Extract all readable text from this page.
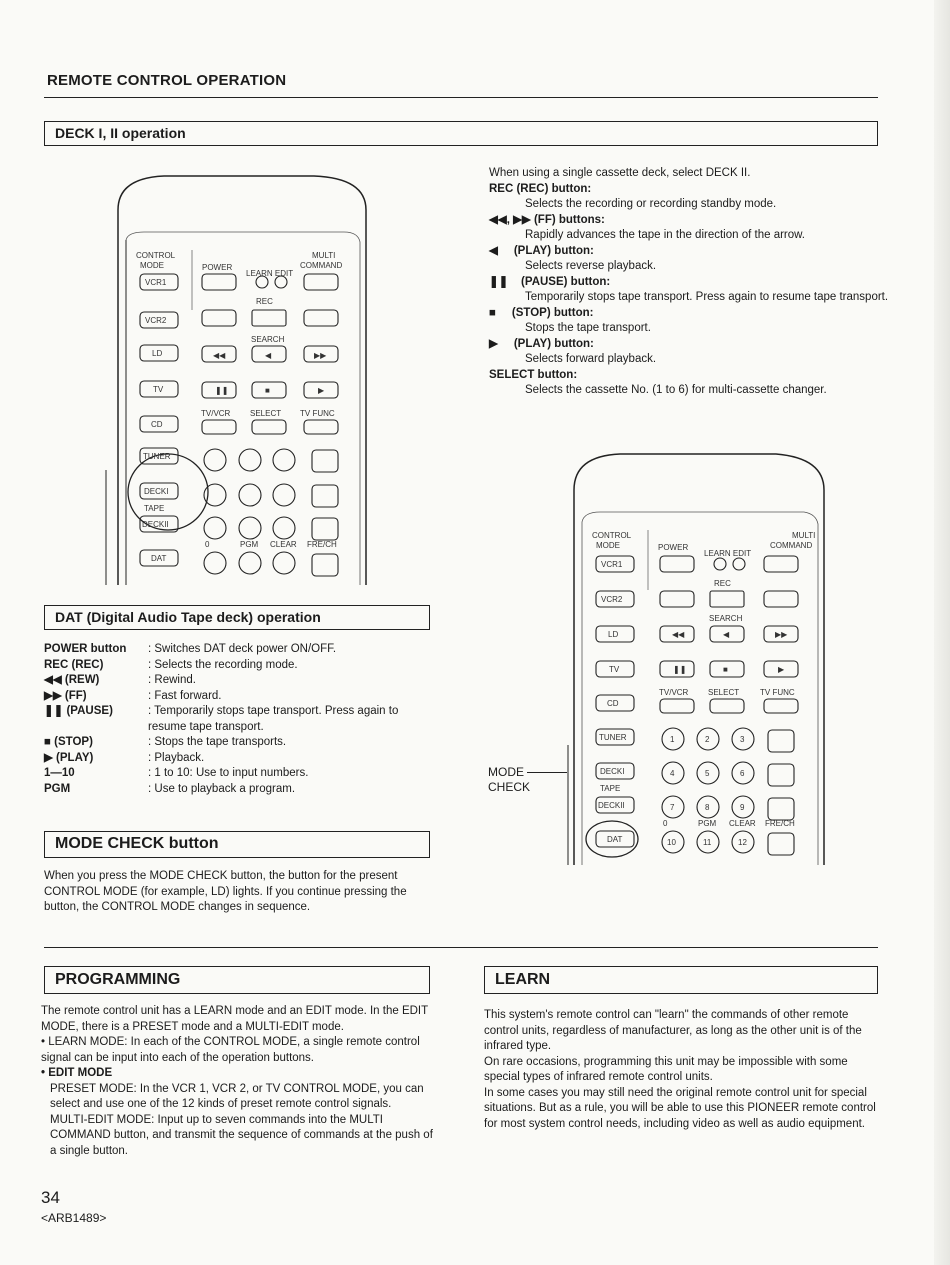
REMOTE CONTROL OPERATION
DECK I, II operation
CONTROL
MODE	POWER
LEARN EDIT
MULTI
COMMAND
VCR1
VCR2
LD
TV
CD
TUNER
DECKI
TAPE
DECKII
DAT
REC
SEARCH
TV/VCR SELECT TV FUNC
0	PGM CLEAR FRE/CH
◀◀	◀	▶▶
❚❚	■	▶
When using a single cassette deck, select DECK II.
REC (REC) button:
Selects the recording or recording standby mode.
◀◀, ▶▶ (FF) buttons:
Rapidly advances the tape in the direction of the arrow.
◀     (PLAY) button:
Selects reverse playback.
❚❚    (PAUSE) button:
Temporarily stops tape transport. Press again to resume tape transport.
■     (STOP) button:
Stops the tape transport.
▶     (PLAY) button:
Selects forward playback.
SELECT button:
Selects the cassette No. (1 to 6) for multi-cassette changer.
CONTROL
MODE	POWER
LEARN EDIT
MULTI
COMMAND
VCR1
VCR2
LD
TV
CD
TUNER
DECKI
TAPE
DECKII
DAT
REC
SEARCH
TV/VCR SELECT	TV FUNC
1	2	3
4	5	6
7	8	9
10	11	12
0	PGM CLEAR FRE/CH
◀◀	◀	▶▶
❚❚	■	▶
MODE
CHECK
DAT (Digital Audio Tape deck) operation
POWER button	: Switches DAT deck power ON/OFF.
REC (REC)	: Selects the recording mode.
◀◀ (REW)	: Rewind.
▶▶ (FF)	: Fast forward.
❚❚ (PAUSE)	: Temporarily stops tape transport. Press again to resume tape transport.
■ (STOP)	: Stops the tape transports.
▶ (PLAY)	: Playback.
1—10	: 1 to 10: Use to input numbers.
PGM	: Use to playback a program.
MODE CHECK button
When you press the MODE CHECK button, the button for the present CONTROL MODE (for example, LD) lights. If you continue pressing the button, the CONTROL MODE changes in sequence.
PROGRAMMING
The remote control unit has a LEARN mode and an EDIT mode. In the EDIT MODE, there is a PRESET mode and a MULTI-EDIT mode.
• LEARN MODE: In each of the CONTROL MODE, a single remote control signal can be input into each of the operation buttons.
• EDIT MODE
PRESET MODE: In the VCR 1, VCR 2, or TV CONTROL MODE, you can select and use one of the 12 kinds of preset remote control signals.
MULTI-EDIT MODE: Input up to seven commands into the MULTI COMMAND button, and transmit the sequence of commands at the push of a single button.
LEARN
This system's remote control can "learn" the commands of other remote control units, regardless of manufacturer, as long as the other unit is of the infrared type.
On rare occasions, programming this unit may be impossible with some special types of infrared remote control units.
In some cases you may still need the original remote control unit for special situations. But as a rule, you will be able to use this PIONEER remote control for most system control needs, including video as well as audio equipment.
34
<ARB1489>
